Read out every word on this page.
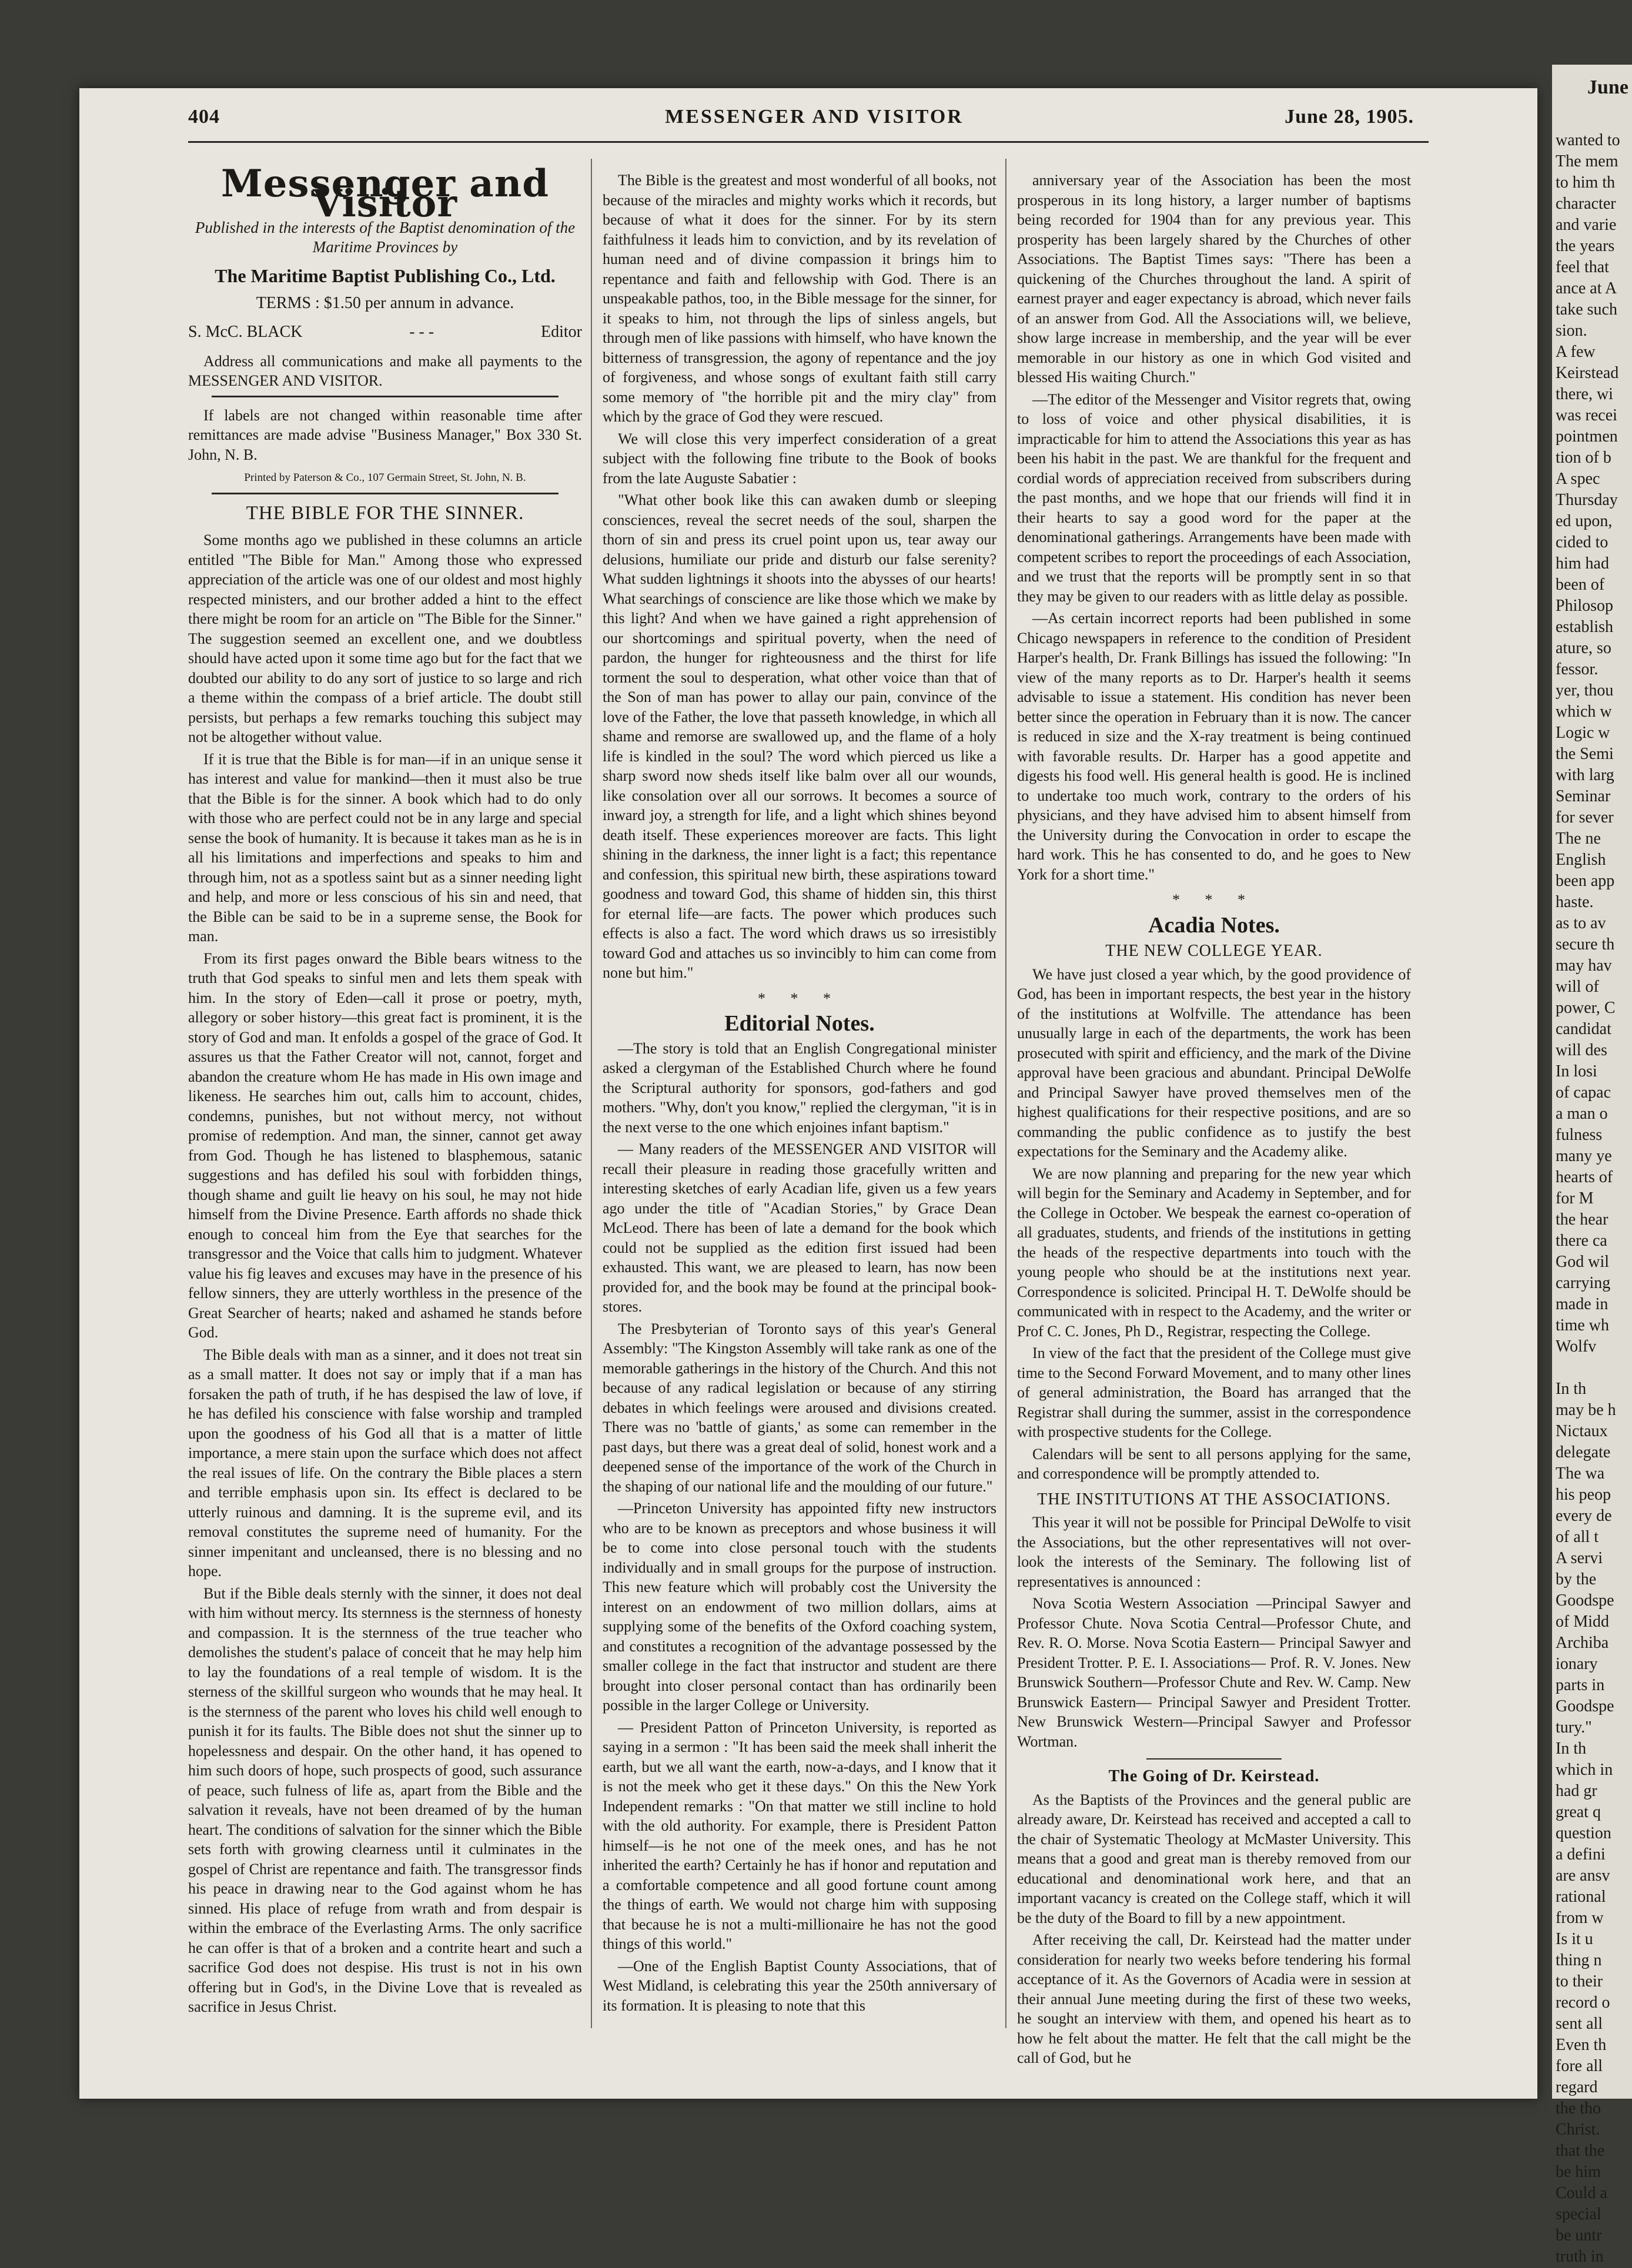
404	MESSENGER AND VISITOR	June 28, 1905.
Messenger and Visitor
Published in the interests of the Baptist denomination of the Maritime Provinces by
The Maritime Baptist Publishing Co., Ltd.
TERMS : $1.50 per annum in advance.
S. McC. BLACK	- - -	Editor

Address all communications and make all payments to the MESSENGER AND VISITOR.

If labels are not changed within reasonable time after remittances are made advise "Business Manager," Box 330 St. John, N. B.

Printed by Paterson & Co., 107 Germain Street, St. John, N. B.
THE BIBLE FOR THE SINNER.

Some months ago we published in these columns an article entitled "The Bible for Man." Among those who expressed appreciation of the article was one of our oldest and most highly respected ministers, and our brother added a hint to the effect there might be room for an article on "The Bible for the Sinner." The suggestion seemed an excellent one, and we doubtless should have acted upon it some time ago but for the fact that we doubted our ability to do any sort of justice to so large and rich a theme within the compass of a brief article. The doubt still persists, but perhaps a few remarks touching this subject may not be altogether without value.

If it is true that the Bible is for man—if in an unique sense it has interest and value for mankind—then it must also be true that the Bible is for the sinner. A book which had to do only with those who are perfect could not be in any large and special sense the book of humanity. It is because it takes man as he is in all his limitations and imperfections and speaks to him and through him, not as a spotless saint but as a sinner needing light and help, and more or less conscious of his sin and need, that the Bible can be said to be in a supreme sense, the Book for man.

From its first pages onward the Bible bears witness to the truth that God speaks to sinful men and lets them speak with him. In the story of Eden—call it prose or poetry, myth, allegory or sober history—this great fact is prominent, it is the story of God and man. It enfolds a gospel of the grace of God. It assures us that the Father Creator will not, cannot, forget and abandon the creature whom He has made in His own image and likeness. He searches him out, calls him to account, chides, condemns, punishes, but not without mercy, not without promise of redemption. And man, the sinner, cannot get away from God. Though he has listened to blasphemous, satanic suggestions and has defiled his soul with forbidden things, though shame and guilt lie heavy on his soul, he may not hide himself from the Divine Presence. Earth affords no shade thick enough to conceal him from the Eye that searches for the transgressor and the Voice that calls him to judgment. Whatever value his fig leaves and excuses may have in the presence of his fellow sinners, they are utterly worthless in the presence of the Great Searcher of hearts; naked and ashamed he stands before God.

The Bible deals with man as a sinner, and it does not treat sin as a small matter. It does not say or imply that if a man has forsaken the path of truth, if he has despised the law of love, if he has defiled his conscience with false worship and trampled upon the goodness of his God all that is a matter of little importance, a mere stain upon the surface which does not affect the real issues of life. On the contrary the Bible places a stern and terrible emphasis upon sin. Its effect is declared to be utterly ruinous and damning. It is the supreme evil, and its removal constitutes the supreme need of humanity. For the sinner impenitant and uncleansed, there is no blessing and no hope.

But if the Bible deals sternly with the sinner, it does not deal with him without mercy. Its sternness is the sternness of honesty and compassion. It is the sternness of the true teacher who demolishes the student's palace of conceit that he may help him to lay the foundations of a real temple of wisdom. It is the sterness of the skillful surgeon who wounds that he may heal. It is the sternness of the parent who loves his child well enough to punish it for its faults. The Bible does not shut the sinner up to hopelessness and despair. On the other hand, it has opened to him such doors of hope, such prospects of good, such assurance of peace, such fulness of life as, apart from the Bible and the salvation it reveals, have not been dreamed of by the human heart. The conditions of salvation for the sinner which the Bible sets forth with growing clearness until it culminates in the gospel of Christ are repentance and faith. The transgressor finds his peace in drawing near to the God against whom he has sinned. His place of refuge from wrath and from despair is within the embrace of the Everlasting Arms. The only sacrifice he can offer is that of a broken and a contrite heart and such a sacrifice God does not despise. His trust is not in his own offering but in God's, in the Divine Love that is revealed as sacrifice in Jesus Christ.

The Bible is the greatest and most wonderful of all books, not because of the miracles and mighty works which it records, but because of what it does for the sinner. For by its stern faithfulness it leads him to conviction, and by its revelation of human need and of divine compassion it brings him to repentance and faith and fellowship with God. There is an unspeakable pathos, too, in the Bible message for the sinner, for it speaks to him, not through the lips of sinless angels, but through men of like passions with himself, who have known the bitterness of transgression, the agony of repentance and the joy of forgiveness, and whose songs of exultant faith still carry some memory of "the horrible pit and the miry clay" from which by the grace of God they were rescued.

We will close this very imperfect consideration of a great subject with the following fine tribute to the Book of books from the late Auguste Sabatier :

"What other book like this can awaken dumb or sleeping consciences, reveal the secret needs of the soul, sharpen the thorn of sin and press its cruel point upon us, tear away our delusions, humiliate our pride and disturb our false serenity? What sudden lightnings it shoots into the abysses of our hearts! What searchings of conscience are like those which we make by this light? And when we have gained a right apprehension of our shortcomings and spiritual poverty, when the need of pardon, the hunger for righteousness and the thirst for life torment the soul to desperation, what other voice than that of the Son of man has power to allay our pain, convince of the love of the Father, the love that passeth knowledge, in which all shame and remorse are swallowed up, and the flame of a holy life is kindled in the soul? The word which pierced us like a sharp sword now sheds itself like balm over all our wounds, like consolation over all our sorrows. It becomes a source of inward joy, a strength for life, and a light which shines beyond death itself. These experiences moreover are facts. This light shining in the darkness, the inner light is a fact; this repentance and confession, this spiritual new birth, these aspirations toward goodness and toward God, this shame of hidden sin, this thirst for eternal life—are facts. The power which produces such effects is also a fact. The word which draws us so irresistibly toward God and attaches us so invincibly to him can come from none but him."

* * *
Editorial Notes.

—The story is told that an English Congregational minister asked a clergyman of the Established Church where he found the Scriptural authority for sponsors, god-fathers and god mothers. "Why, don't you know," replied the clergyman, "it is in the next verse to the one which enjoines infant baptism."

— Many readers of the MESSENGER AND VISITOR will recall their pleasure in reading those gracefully written and interesting sketches of early Acadian life, given us a few years ago under the title of "Acadian Stories," by Grace Dean McLeod. There has been of late a demand for the book which could not be supplied as the edition first issued had been exhausted. This want, we are pleased to learn, has now been provided for, and the book may be found at the principal book-stores.

The Presbyterian of Toronto says of this year's General Assembly: "The Kingston Assembly will take rank as one of the memorable gatherings in the history of the Church. And this not because of any radical legislation or because of any stirring debates in which feelings were aroused and divisions created. There was no 'battle of giants,' as some can remember in the past days, but there was a great deal of solid, honest work and a deepened sense of the importance of the work of the Church in the shaping of our national life and the moulding of our future."

—Princeton University has appointed fifty new instructors who are to be known as preceptors and whose business it will be to come into close personal touch with the students individually and in small groups for the purpose of instruction. This new feature which will probably cost the University the interest on an endowment of two million dollars, aims at supplying some of the benefits of the Oxford coaching system, and constitutes a recognition of the advantage possessed by the smaller college in the fact that instructor and student are there brought into closer personal contact than has ordinarily been possible in the larger College or University.

— President Patton of Princeton University, is reported as saying in a sermon : "It has been said the meek shall inherit the earth, but we all want the earth, now-a-days, and I know that it is not the meek who get it these days." On this the New York Independent remarks : "On that matter we still incline to hold with the old authority. For example, there is President Patton himself—is he not one of the meek ones, and has he not inherited the earth? Certainly he has if honor and reputation and a comfortable competence and all good fortune count among the things of earth. We would not charge him with supposing that because he is not a multi-millionaire he has not the good things of this world."

—One of the English Baptist County Associations, that of West Midland, is celebrating this year the 250th anniversary of its formation. It is pleasing to note that this

anniversary year of the Association has been the most prosperous in its long history, a larger number of baptisms being recorded for 1904 than for any previous year. This prosperity has been largely shared by the Churches of other Associations. The Baptist Times says: "There has been a quickening of the Churches throughout the land. A spirit of earnest prayer and eager expectancy is abroad, which never fails of an answer from God. All the Associations will, we believe, show large increase in membership, and the year will be ever memorable in our history as one in which God visited and blessed His waiting Church."

—The editor of the Messenger and Visitor regrets that, owing to loss of voice and other physical disabilities, it is impracticable for him to attend the Associations this year as has been his habit in the past. We are thankful for the frequent and cordial words of appreciation received from subscribers during the past months, and we hope that our friends will find it in their hearts to say a good word for the paper at the denominational gatherings. Arrangements have been made with competent scribes to report the proceedings of each Association, and we trust that the reports will be promptly sent in so that they may be given to our readers with as little delay as possible.

—As certain incorrect reports had been published in some Chicago newspapers in reference to the condition of President Harper's health, Dr. Frank Billings has issued the following: "In view of the many reports as to Dr. Harper's health it seems advisable to issue a statement. His condition has never been better since the operation in February than it is now. The cancer is reduced in size and the X-ray treatment is being continued with favorable results. Dr. Harper has a good appetite and digests his food well. His general health is good. He is inclined to undertake too much work, contrary to the orders of his physicians, and they have advised him to absent himself from the University during the Convocation in order to escape the hard work. This he has consented to do, and he goes to New York for a short time."

* * *
Acadia Notes.
THE NEW COLLEGE YEAR.

We have just closed a year which, by the good providence of God, has been in important respects, the best year in the history of the institutions at Wolfville. The attendance has been unusually large in each of the departments, the work has been prosecuted with spirit and efficiency, and the mark of the Divine approval have been gracious and abundant. Principal DeWolfe and Principal Sawyer have proved themselves men of the highest qualifications for their respective positions, and are so commanding the public confidence as to justify the best expectations for the Seminary and the Academy alike.

We are now planning and preparing for the new year which will begin for the Seminary and Academy in September, and for the College in October. We bespeak the earnest co-operation of all graduates, students, and friends of the institutions in getting the heads of the respective departments into touch with the young people who should be at the institutions next year. Correspondence is solicited. Principal H. T. DeWolfe should be communicated with in respect to the Academy, and the writer or Prof C. C. Jones, Ph D., Registrar, respecting the College.

In view of the fact that the president of the College must give time to the Second Forward Movement, and to many other lines of general administration, the Board has arranged that the Registrar shall during the summer, assist in the correspondence with prospective students for the College.

Calendars will be sent to all persons applying for the same, and correspondence will be promptly attended to.

THE INSTITUTIONS AT THE ASSOCIATIONS.

This year it will not be possible for Principal DeWolfe to visit the Associations, but the other representatives will not over-look the interests of the Seminary. The following list of representatives is announced :

Nova Scotia Western Association —Principal Sawyer and Professor Chute. Nova Scotia Central—Professor Chute, and Rev. R. O. Morse. Nova Scotia Eastern— Principal Sawyer and President Trotter. P. E. I. Associations— Prof. R. V. Jones. New Brunswick Southern—Professor Chute and Rev. W. Camp. New Brunswick Eastern— Principal Sawyer and President Trotter. New Brunswick Western—Principal Sawyer and Professor Wortman.

The Going of Dr. Keirstead.

As the Baptists of the Provinces and the general public are already aware, Dr. Keirstead has received and accepted a call to the chair of Systematic Theology at McMaster University. This means that a good and great man is thereby removed from our educational and denominational work here, and that an important vacancy is created on the College staff, which it will be the duty of the Board to fill by a new appointment.

After receiving the call, Dr. Keirstead had the matter under consideration for nearly two weeks before tendering his formal acceptance of it. As the Governors of Acadia were in session at their annual June meeting during the first of these two weeks, he sought an interview with them, and opened his heart as to how he felt about the matter. He felt that the call might be the call of God, but he

June
wanted to
The mem
to him th
character
and varie
the years
feel that
ance at A
take such
sion.
A few
Keirstead
there, wi
was recei
pointmen
tion of b
A spec
Thursday
ed upon,
cided to
him had
been of
Philosop
establish
ature, so
fessor.
yer, thou
which w
Logic w
the Semi
with larg
Seminar
for sever
The ne
English
been app
haste.
as to av
secure th
may hav
will of
power, C
candidat
will des
In losi
of capac
a man o
fulness
many ye
hearts of
for M
the hear
there ca
God wil
carrying
made in
time wh
Wolfv
In th
may be h
Nictaux
delegate
The wa
his peop
every de
of all t
A servi
by the
Goodspe
of Midd
Archiba
ionary
parts in
Goodspe
tury."
In th
which in
had gr
great q
question
a defini
are ansv
rational
from w
Is it u
thing n
to their
record o
sent all
Even th
fore all
regard
the tho
Christ.
that the
be him
Could a
special
be untr
truth in
